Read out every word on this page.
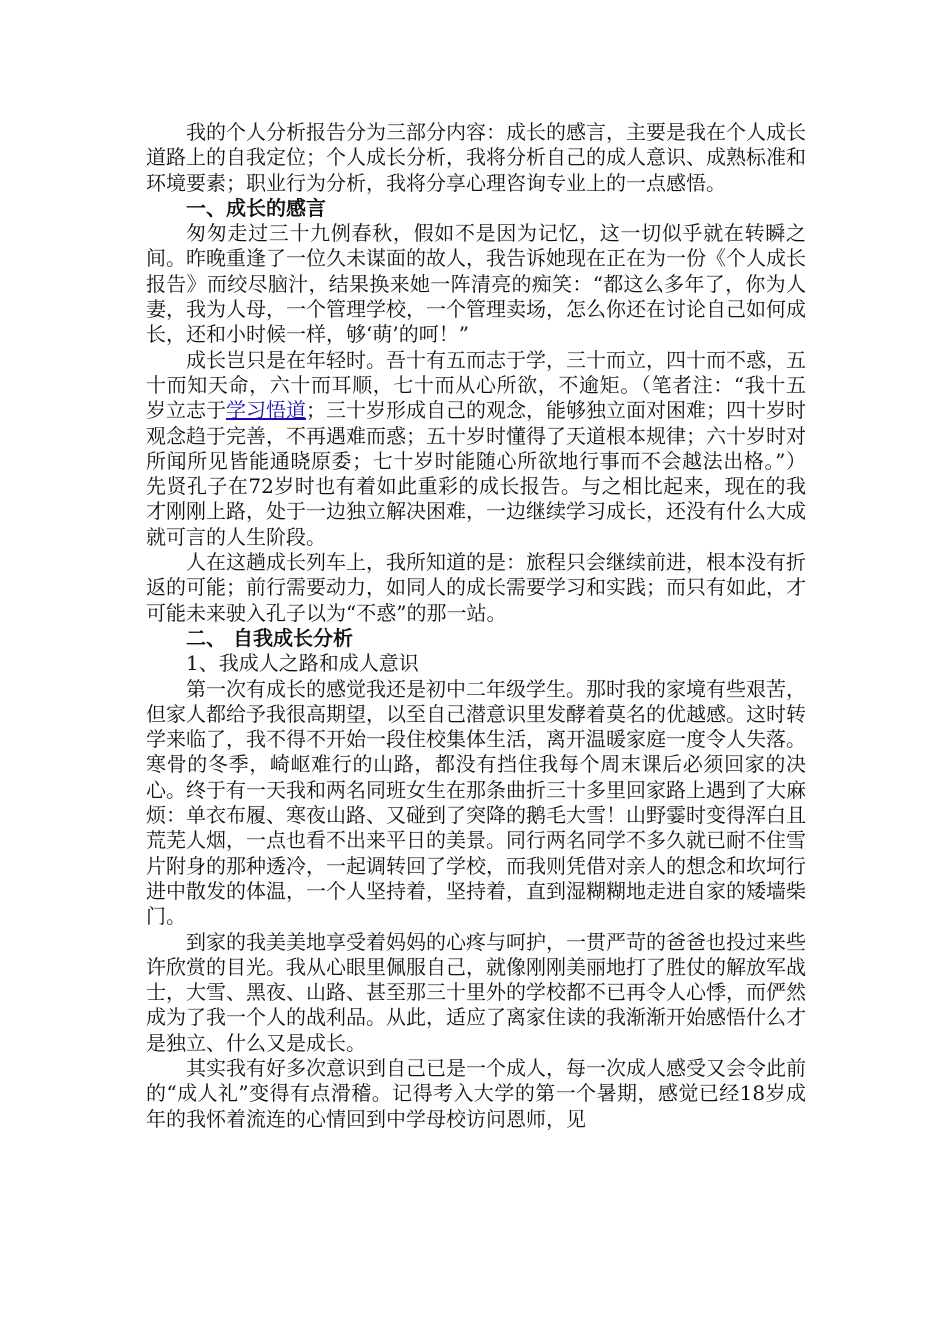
我的个人分析报告分为三部分内容：成长的感言，主要是我在个人成长道路上的自我定位；个人成长分析，我将分析自己的成人意识、成熟标准和环境要素；职业行为分析，我将分享心理咨询专业上的一点感悟。

一、成长的感言

匆匆走过三十九例春秋，假如不是因为记忆，这一切似乎就在转瞬之间。昨晚重逢了一位久未谋面的故人，我告诉她现在正在为一份《个人成长报告》而绞尽脑汁，结果换来她一阵清亮的痴笑：“都这么多年了，你为人妻，我为人母，一个管理学校，一个管理卖场，怎么你还在讨论自己如何成长，还和小时候一样，够‘萌’的呵！”

成长岂只是在年轻时。吾十有五而志于学，三十而立，四十而不惑，五十而知天命，六十而耳顺，七十而从心所欲，不逾矩。（笔者注：“我十五岁立志于学习悟道；三十岁形成自己的观念，能够独立面对困难；四十岁时观念趋于完善，不再遇难而惑；五十岁时懂得了天道根本规律；六十岁时对所闻所见皆能通晓原委；七十岁时能随心所欲地行事而不会越法出格。”）先贤孔子在72岁时也有着如此重彩的成长报告。与之相比起来，现在的我才刚刚上路，处于一边独立解决困难，一边继续学习成长，还没有什么大成就可言的人生阶段。

人在这趟成长列车上，我所知道的是：旅程只会继续前进，根本没有折返的可能；前行需要动力，如同人的成长需要学习和实践；而只有如此，才可能未来驶入孔子以为“不惑”的那一站。

二、 自我成长分析
1、我成人之路和成人意识

第一次有成长的感觉我还是初中二年级学生。那时我的家境有些艰苦，但家人都给予我很高期望，以至自己潜意识里发酵着莫名的优越感。这时转学来临了，我不得不开始一段住校集体生活，离开温暖家庭一度令人失落。寒骨的冬季，崎岖难行的山路，都没有挡住我每个周末课后必须回家的决心。终于有一天我和两名同班女生在那条曲折三十多里回家路上遇到了大麻烦：单衣布履、寒夜山路、又碰到了突降的鹅毛大雪！山野霎时变得浑白且荒芜人烟，一点也看不出来平日的美景。同行两名同学不多久就已耐不住雪片附身的那种透冷，一起调转回了学校，而我则凭借对亲人的想念和坎坷行进中散发的体温，一个人坚持着，坚持着，直到湿糊糊地走进自家的矮墙柴门。

到家的我美美地享受着妈妈的心疼与呵护，一贯严苛的爸爸也投过来些许欣赏的目光。我从心眼里佩服自己，就像刚刚美丽地打了胜仗的解放军战士，大雪、黑夜、山路、甚至那三十里外的学校都不已再令人心悸，而俨然成为了我一个人的战利品。从此，适应了离家住读的我渐渐开始感悟什么才是独立、什么又是成长。

其实我有好多次意识到自己已是一个成人，每一次成人感受又会令此前的“成人礼”变得有点滑稽。记得考入大学的第一个暑期，感觉已经18岁成年的我怀着流连的心情回到中学母校访问恩师，见
